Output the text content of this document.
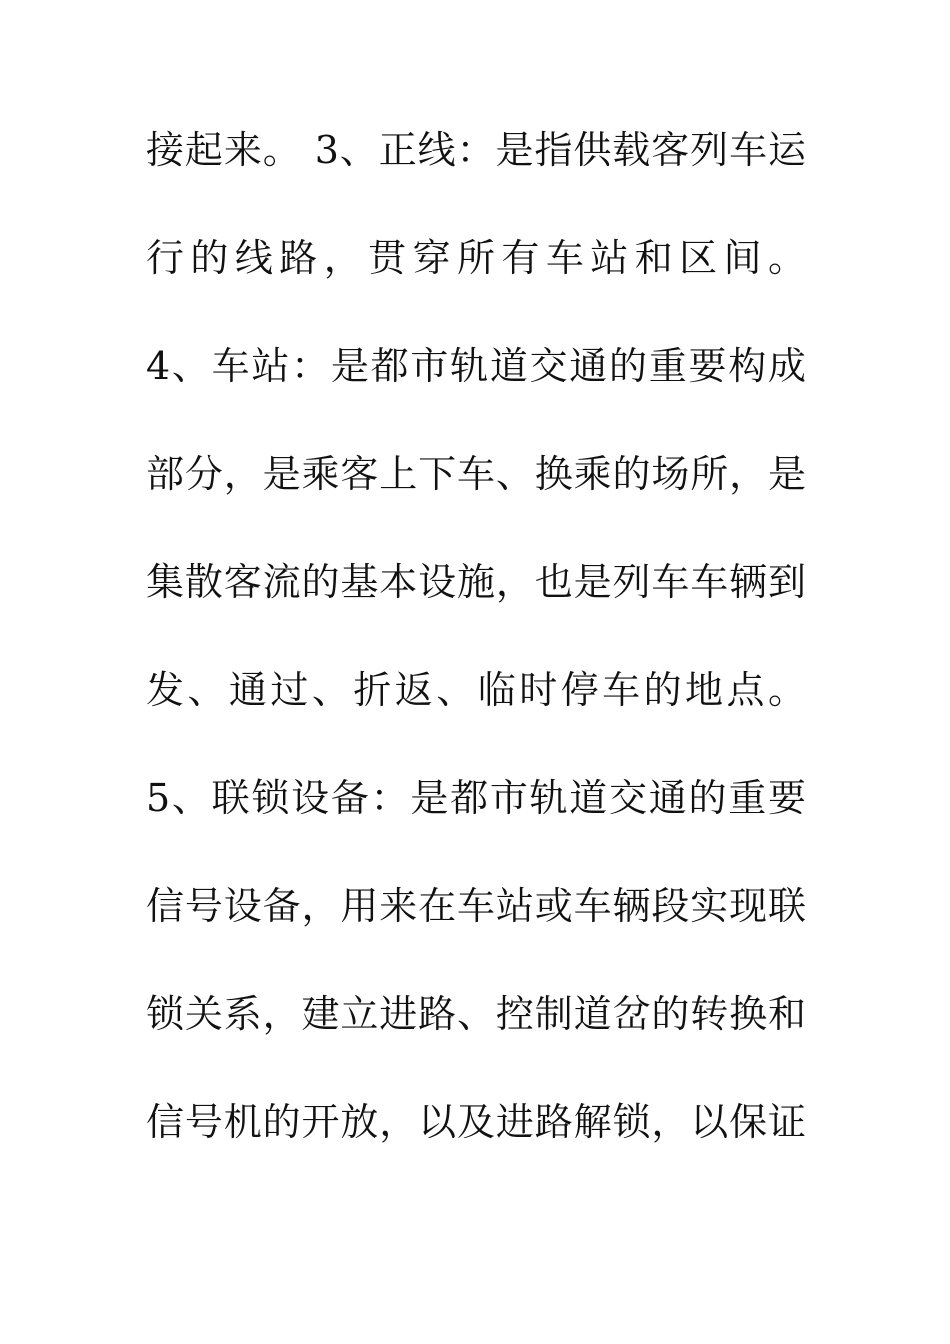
接起来。 3、正线：是指供载客列车运
行的线路，贯穿所有车站和区间。
4、车站：是都市轨道交通的重要构成
部分，是乘客上下车、换乘的场所，是
集散客流的基本设施，也是列车车辆到
发、通过、折返、临时停车的地点。
5、联锁设备：是都市轨道交通的重要
信号设备，用来在车站或车辆段实现联
锁关系，建立进路、控制道岔的转换和
信号机的开放，以及进路解锁，以保证
